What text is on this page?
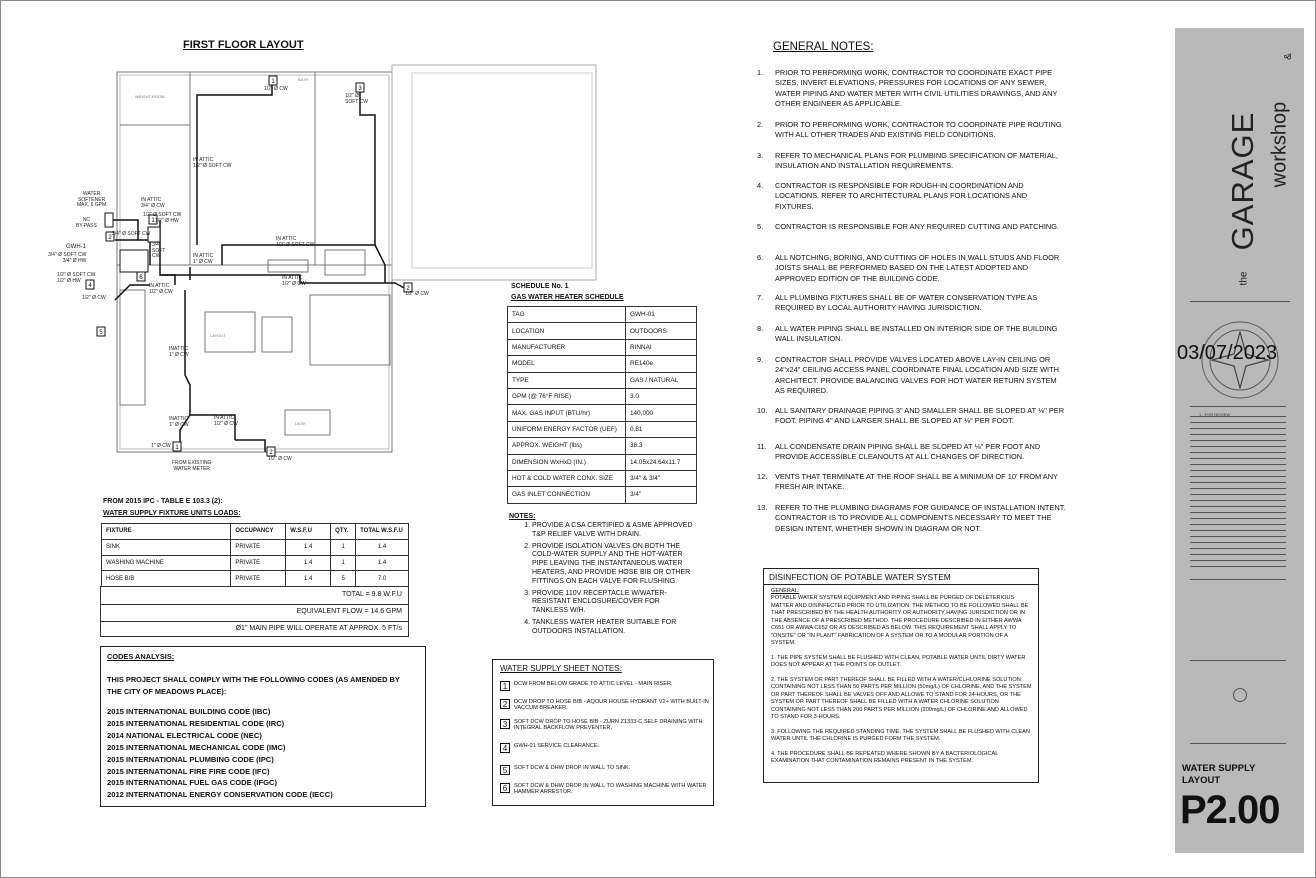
FIRST FLOOR LAYOUT
WEIGHT ROOM
BATH
LAYOUT
DESK
1
3
1
2
4
6
5
2
1
2
1/2" Ø CW
1/2" Ø
SOFT CW
IN ATTIC
1/2" Ø SOFT CW
WATER
SOFTENER
MAX. 6 GPM
IN ATTIC
3/4" Ø CW
1/2" Ø SOFT CW
1/2" Ø HW
NC
BY-PASS
3/4" Ø SOFT CW
GWH-1
3/4" Ø SOFT CW
3/4" Ø HW
3/4"
SOFT
CW
IN ATTIC
1/2" Ø SOFT CW
IN ATTIC
1" Ø CW
1/2" Ø SOFT CW
1/2" Ø HW	IN ATTIC
1/2" Ø CW
IN ATTIC
1/2" Ø CW
1/2" Ø CW
1/2" Ø CW
INATTIC
1" Ø CW
INATTIC
1" Ø CW
IN ATTIC
1/2" Ø CW
1" Ø CW
FROM EXISTING
WATER METER
1/2" Ø CW
SCHEDULE No. 1
GAS WATER HEATER SCHEDULE
TAG	GWH-01
LOCATION	OUTDOORS
MANUFACTURER	RINNAI
MODEL	RE140e
TYPE	GAS / NATURAL
GPM (@ 76°F RISE)	3.0
MAX. GAS INPUT (BTU/hr)	140,000
UNIFORM ENERGY FACTOR (UEF)	0.81
APPROX. WEIGHT (lbs)	38.3
DIMENSION WxHxD (IN.)	14.05x24.64x11.7
HOT & COLD WATER CONX. SIZE	3/4" & 3/4"
GAS INLET CONNECTION	3/4"
NOTES:
1. PROVIDE A CSA CERTIFIED & ASME APPROVED T&P RELIEF VALVE WITH DRAIN.
2. PROVIDE ISOLATION VALVES ON BOTH THE COLD-WATER SUPPLY AND THE HOT-WATER PIPE LEAVING THE INSTANTANEOUS WATER HEATERS, AND PROVIDE HOSE BIB OR OTHER FITTINGS ON EACH VALVE FOR FLUSHING.
3. PROVIDE 110V RECEPTACLE W/WATER-RESISTANT ENCLOSURE/COVER FOR TANKLESS W/H.
4. TANKLESS WATER HEATER SUITABLE FOR OUTDOORS INSTALLATION.
FROM 2015 IPC - TABLE E 103.3 (2):
WATER SUPPLY FIXTURE UNITS LOADS:
FIXTURE	OCCUPANCY	W.S.F.U	QTY.	TOTAL W.S.F.U
SINK	PRIVATE	1.4	1	1.4
WASHING MACHINE	PRIVATE	1.4	1	1.4
HOSE BIB	PRIVATE	1.4	5	7.0
TOTAL = 9.8 W.F.U
EQUIVALENT FLOW = 14.6 GPM
Ø1" MAIN PIPE WILL OPERATE AT APPROX. 5 FT/s
CODES ANALYSIS:
THIS PROJECT SHALL COMPLY WITH THE FOLLOWING CODES (AS AMENDED BY THE CITY OF MEADOWS PLACE):
2015 INTERNATIONAL BUILDING CODE (IBC)
2015 INTERNATIONAL RESIDENTIAL CODE (IRC)
2014 NATIONAL ELECTRICAL CODE (NEC)
2015 INTERNATIONAL MECHANICAL CODE (IMC)
2015 INTERNATIONAL PLUMBING CODE (IPC)
2015 INTERNATIONAL FIRE FIRE CODE (IFC)
2015 INTERNATIONAL FUEL GAS CODE (IFGC)
2012 INTERNATIONAL ENERGY CONSERVATION CODE (IECC)
WATER SUPPLY SHEET NOTES:
1	DCW FROM BELOW GRADE TO ATTIC LEVEL - MAIN RISER.
2	DCW DROP TO HOSE BIB - AQOUR HOUSE HYDRANT V2+ WITH BUILT-IN VACCUM BREAKER.
3	SOFT DCW DROP TO HOSE BIB - ZURN Z1333-C SELF DRAINING WITH INTEGRAL BACKFLOW PREVENTER.
4	GWH-01 SERVICE CLEARANCE.
5	SOFT DCW & DHW DROP IN WALL TO SINK.
6	SOFT DCW & DHW DROP IN WALL TO WASHING MACHINE WITH WATER HAMMER ARRESTOR.
GENERAL NOTES:
1.	PRIOR TO PERFORMING WORK, CONTRACTOR TO COORDINATE EXACT PIPE SIZES, INVERT ELEVATIONS, PRESSURES FOR LOCATIONS OF ANY SEWER, WATER PIPING AND WATER METER WITH CIVIL UTILITIES DRAWINGS, AND ANY OTHER ENGINEER AS APPLICABLE.
2.	PRIOR TO PERFORMING WORK, CONTRACTOR TO COORDINATE PIPE ROUTING WITH ALL OTHER TRADES AND EXISTING FIELD CONDITIONS.
3.	REFER TO MECHANICAL PLANS FOR PLUMBING SPECIFICATION OF MATERIAL, INSULATION AND INSTALLATION REQUIREMENTS.
4.	CONTRACTOR IS RESPONSIBLE FOR ROUGH-IN COORDINATION AND LOCATIONS. REFER TO ARCHITECTURAL PLANS FOR LOCATIONS AND FIXTURES.
5.	CONTRACTOR IS RESPONSIBLE FOR ANY REQUIRED CUTTING AND PATCHING.
6.	ALL NOTCHING, BORING, AND CUTTING OF HOLES IN WALL STUDS AND FLOOR JOISTS SHALL BE PERFORMED BASED ON THE LATEST ADOPTED AND APPROVED EDITION OF THE BUILDING CODE.
7.	ALL PLUMBING FIXTURES SHALL BE OF WATER CONSERVATION TYPE AS REQUIRED BY LOCAL AUTHORITY HAVING JURISDICTION.
8.	ALL WATER PIPING SHALL BE INSTALLED ON INTERIOR SIDE OF THE BUILDING WALL INSULATION.
9.	CONTRACTOR SHALL PROVIDE VALVES LOCATED ABOVE LAY-IN CEILING OR 24"x24" CEILING ACCESS PANEL COORDINATE FINAL LOCATION AND SIZE WITH ARCHITECT. PROVIDE BALANCING VALVES FOR HOT WATER RETURN SYSTEM AS REQUIRED.
10.	ALL SANITARY DRAINAGE PIPING 3" AND SMALLER SHALL BE SLOPED AT ⅛" PER FOOT. PIPING 4" AND LARGER SHALL BE SLOPED AT ⅛" PER FOOT.
11.	ALL CONDENSATE DRAIN PIPING SHALL BE SLOPED AT ⅛" PER FOOT AND PROVIDE ACCESSIBLE CLEANOUTS AT ALL CHANGES OF DIRECTION.
12.	VENTS THAT TERMINATE AT THE ROOF SHALL BE A MINIMUM OF 10' FROM ANY FRESH AIR INTAKE.
13.	REFER TO THE PLUMBING DIAGRAMS FOR GUIDANCE OF INSTALLATION INTENT. CONTRACTOR IS TO PROVIDE ALL COMPONENTS NECESSARY TO MEET THE DESIGN INTENT, WHETHER SHOWN IN DIAGRAM OR NOT.
DISINFECTION OF POTABLE WATER SYSTEM
GENERAL:

POTABLE WATER SYSTEM EQUIPMENT AND PIPING SHALL BE PURGED OF DELETERIOUS MATTER AND DISINFECTED PRIOR TO UTILIZATION. THE METHOD TO BE FOLLOWED SHALL BE THAT PRESCRIBED BY THE HEALTH AUTHORITY OR AUTHORITY HAVING JURISDICTION OR IN THE ABSENCE OF A PRESCRIBED METHOD. THE PROCEDURE DESCRIBED IN EITHER AWWA C651 OR AWWA C652 OR AS DESCRIBED AS BELOW. THIS REQUIREMENT SHALL APPLY TO "ONSITE" OR "IN PLANT" FABRICATION OF A SYSTEM OR TO A MODULAR PORTION OF A SYSTEM.

1. THE PIPE SYSTEM SHALL BE FLUSHED WITH CLEAN, POTABLE WATER UNTIL DIRTY WATER DOES NOT APPEAR AT THE POINTS OF OUTLET.

2. THE SYSTEM OR PART THEREOF SHALL BE FILLED WITH A WATER/CLHLORINE SOLUTION CONTAINING NOT LESS THAN 50 PARTS PER MILLION (50mg/L) OF CHLORINE, AND THE SYSTEM OR PART THEREOF SHALL BE VALVES OFF AND ALLOWE TO STAND FOR 24-HOURS, OR THE SYSTEM OR PART THEREOF SHALL BE FILLED WITH A WATER CHLORINE SOLUTION CONTAINING NOT LESS THAN 200 PARTS PER MILLION (200mg/L) OF CHLORINE AND ALLOWED TO STAND FOR 3-HOURS.

3. FOLLOWING THE REQUIRED STANDING TIME, THE SYSTEM SHALL BE FLUSHED WITH CLEAN WATER UNTIL THE CHLORINE IS PURGED FORM THE SYSTEM.

4. THE PROCEDURE SHALL BE REPEATED WHERE SHOWN BY A BACTERIOLOGICAL EXAMINATION THAT CONTAMINATION REMAINS PRESENT IN THE SYSTEM.

GARAGE
the
workshop
&
03/07/2023
1 - FOR REVIEW
WATER SUPPLY
LAYOUT
P2.00
